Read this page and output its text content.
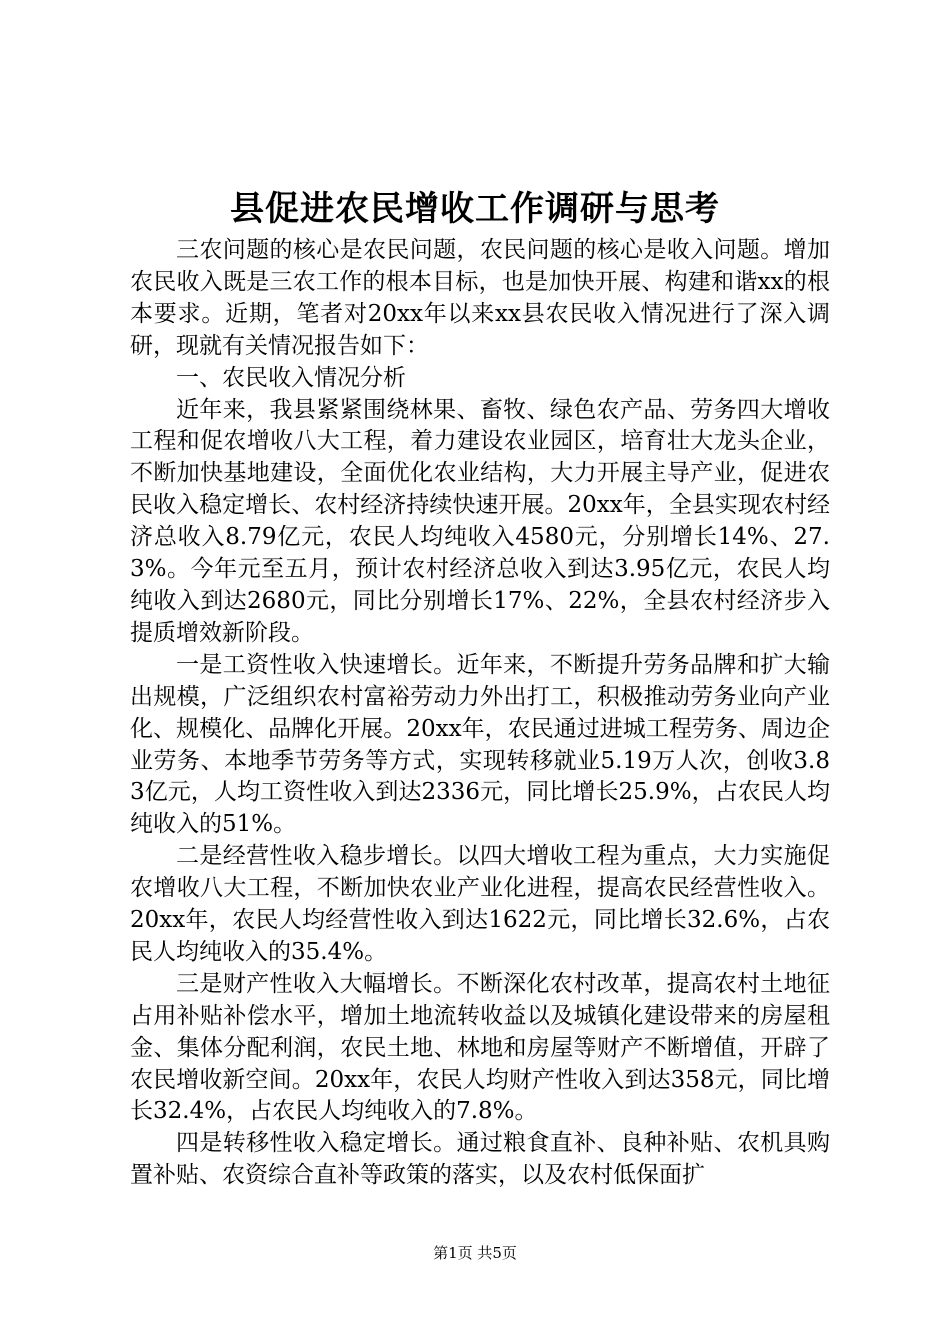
县促进农民增收工作调研与思考

三农问题的核心是农民问题，农民问题的核心是收入问题。增加农民收入既是三农工作的根本目标，也是加快开展、构建和谐xx的根本要求。近期，笔者对20xx年以来xx县农民收入情况进行了深入调研，现就有关情况报告如下：

一、农民收入情况分析

近年来，我县紧紧围绕林果、畜牧、绿色农产品、劳务四大增收工程和促农增收八大工程，着力建设农业园区，培育壮大龙头企业，不断加快基地建设，全面优化农业结构，大力开展主导产业，促进农民收入稳定增长、农村经济持续快速开展。20xx年，全县实现农村经济总收入8.79亿元，农民人均纯收入4580元，分别增长14%、27.3%。今年元至五月，预计农村经济总收入到达3.95亿元，农民人均纯收入到达2680元，同比分别增长17%、22%，全县农村经济步入提质增效新阶段。

一是工资性收入快速增长。近年来，不断提升劳务品牌和扩大输出规模，广泛组织农村富裕劳动力外出打工，积极推动劳务业向产业化、规模化、品牌化开展。20xx年，农民通过进城工程劳务、周边企业劳务、本地季节劳务等方式，实现转移就业5.19万人次，创收3.83亿元，人均工资性收入到达2336元，同比增长25.9%，占农民人均纯收入的51%。

二是经营性收入稳步增长。以四大增收工程为重点，大力实施促农增收八大工程，不断加快农业产业化进程，提高农民经营性收入。20xx年，农民人均经营性收入到达1622元，同比增长32.6%，占农民人均纯收入的35.4%。

三是财产性收入大幅增长。不断深化农村改革，提高农村土地征占用补贴补偿水平，增加土地流转收益以及城镇化建设带来的房屋租金、集体分配利润，农民土地、林地和房屋等财产不断增值，开辟了农民增收新空间。20xx年，农民人均财产性收入到达358元，同比增长32.4%，占农民人均纯收入的7.8%。

四是转移性收入稳定增长。通过粮食直补、良种补贴、农机具购置补贴、农资综合直补等政策的落实，以及农村低保面扩

第1页 共5页
